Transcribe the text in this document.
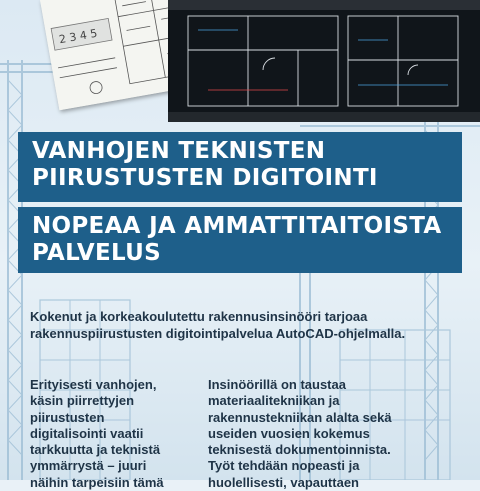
2 3 4 5
VANHOJEN TEKNISTEN
PIIRUSTUSTEN DIGITOINTI
NOPEAA JA AMMATTITAITOISTA
PALVELUS
Kokenut ja korkeakoulutettu rakennusinsinööri tarjoaa
rakennuspiirustusten digitointipalvelua AutoCAD-ohjelmalla.
Erityisesti vanhojen,
käsin piirrettyjen
piirustusten
digitalisointi vaatii
tarkkuutta ja teknistä
ymmärrystä – juuri
näihin tarpeisiin tämä
Insinöörillä on taustaa
materiaalitekniikan ja
rakennustekniikan alalta sekä
useiden vuosien kokemus
teknisestä dokumentoinnista.
Työt tehdään nopeasti ja
huolellisesti, vapauttaen
